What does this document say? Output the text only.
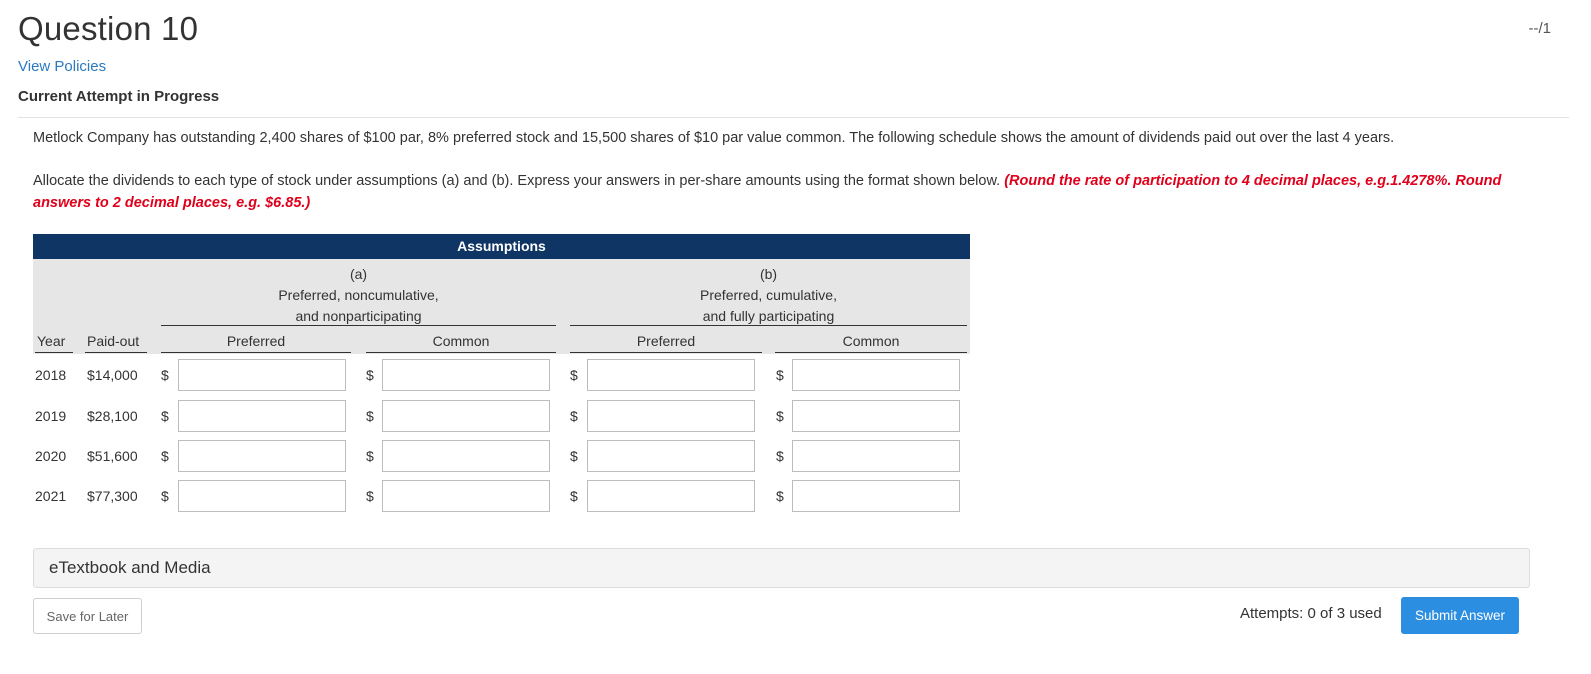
Question 10	--/1
View Policies
Current Attempt in Progress
Metlock Company has outstanding 2,400 shares of $100 par, 8% preferred stock and 15,500 shares of $10 par value common. The following schedule shows the amount of dividends paid out over the last 4 years.
Allocate the dividends to each type of stock under assumptions (a) and (b). Express your answers in per-share amounts using the format shown below. (Round the rate of participation to 4 decimal places, e.g.1.4278%. Round answers to 2 decimal places, e.g. $6.85.)
Assumptions
(a)
Preferred, noncumulative,
and nonparticipating
(b)
Preferred, cumulative,
and fully participating
Year Paid-out	Preferred	Common	Preferred	Common
2018 $14,000 $	$	$	$
2019 $28,100 $	$	$	$
2020 $51,600 $	$	$	$
2021 $77,300 $	$	$	$
eTextbook and Media
Save for Later	Attempts: 0 of 3 used	Submit Answer
